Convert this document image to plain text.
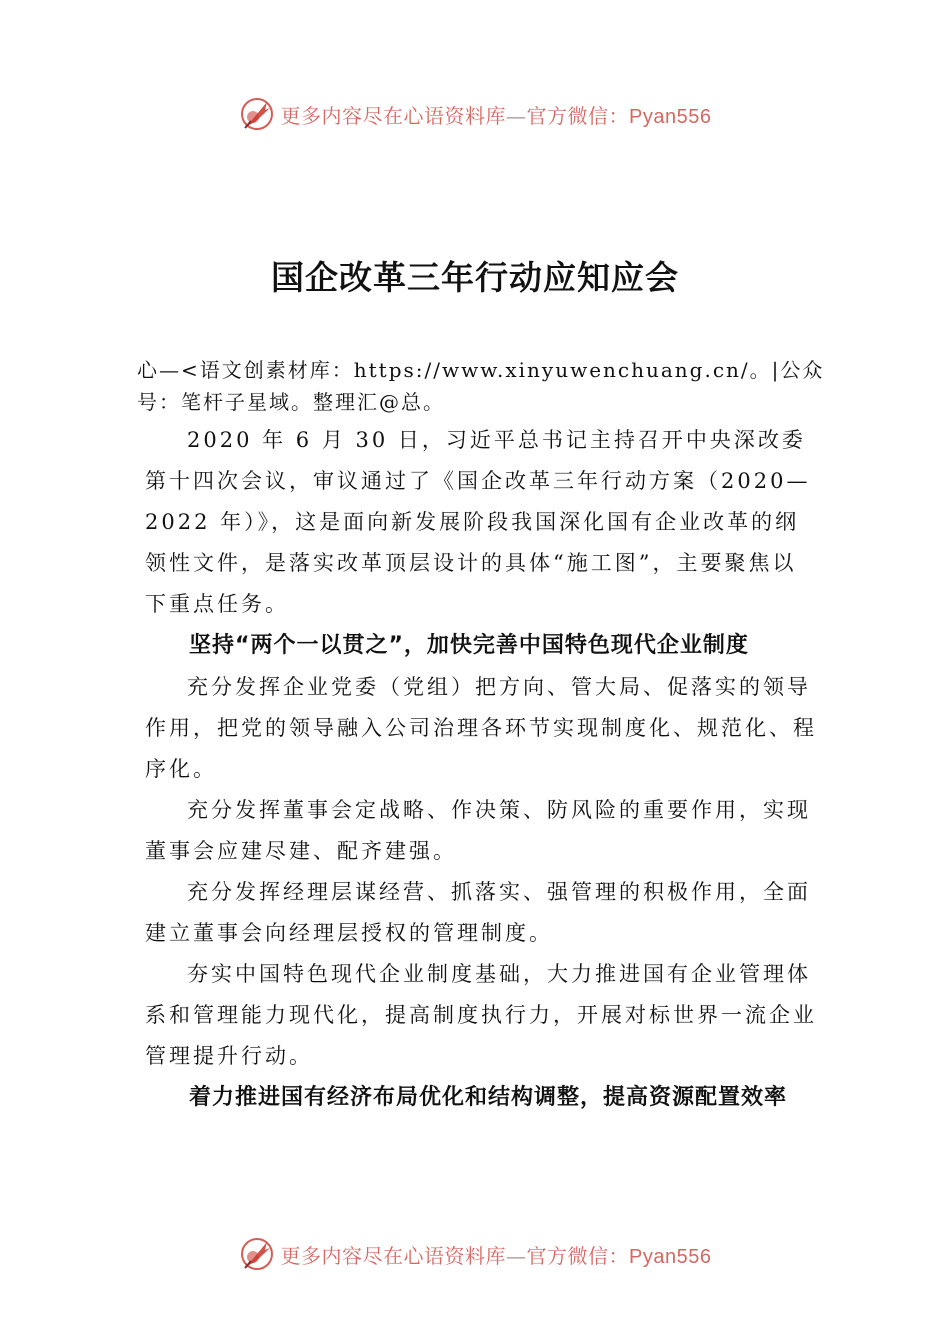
更多内容尽在心语资料库—官方微信：Pyan556
国企改革三年行动应知应会

心—<语文创素材库：https://www.xinyuwenchuang.cn/。|公众号：笔杆子星域。整理汇@总。

2020 年 6 月 30 日，习近平总书记主持召开中央深改委第十四次会议，审议通过了《国企改革三年行动方案（2020—2022 年）》，这是面向新发展阶段我国深化国有企业改革的纲领性文件，是落实改革顶层设计的具体“施工图”，主要聚焦以下重点任务。

坚持“两个一以贯之”，加快完善中国特色现代企业制度

充分发挥企业党委（党组）把方向、管大局、促落实的领导作用，把党的领导融入公司治理各环节实现制度化、规范化、程序化。

充分发挥董事会定战略、作决策、防风险的重要作用，实现董事会应建尽建、配齐建强。

充分发挥经理层谋经营、抓落实、强管理的积极作用，全面建立董事会向经理层授权的管理制度。

夯实中国特色现代企业制度基础，大力推进国有企业管理体系和管理能力现代化，提高制度执行力，开展对标世界一流企业管理提升行动。

着力推进国有经济布局优化和结构调整，提高资源配置效率

更多内容尽在心语资料库—官方微信：Pyan556
